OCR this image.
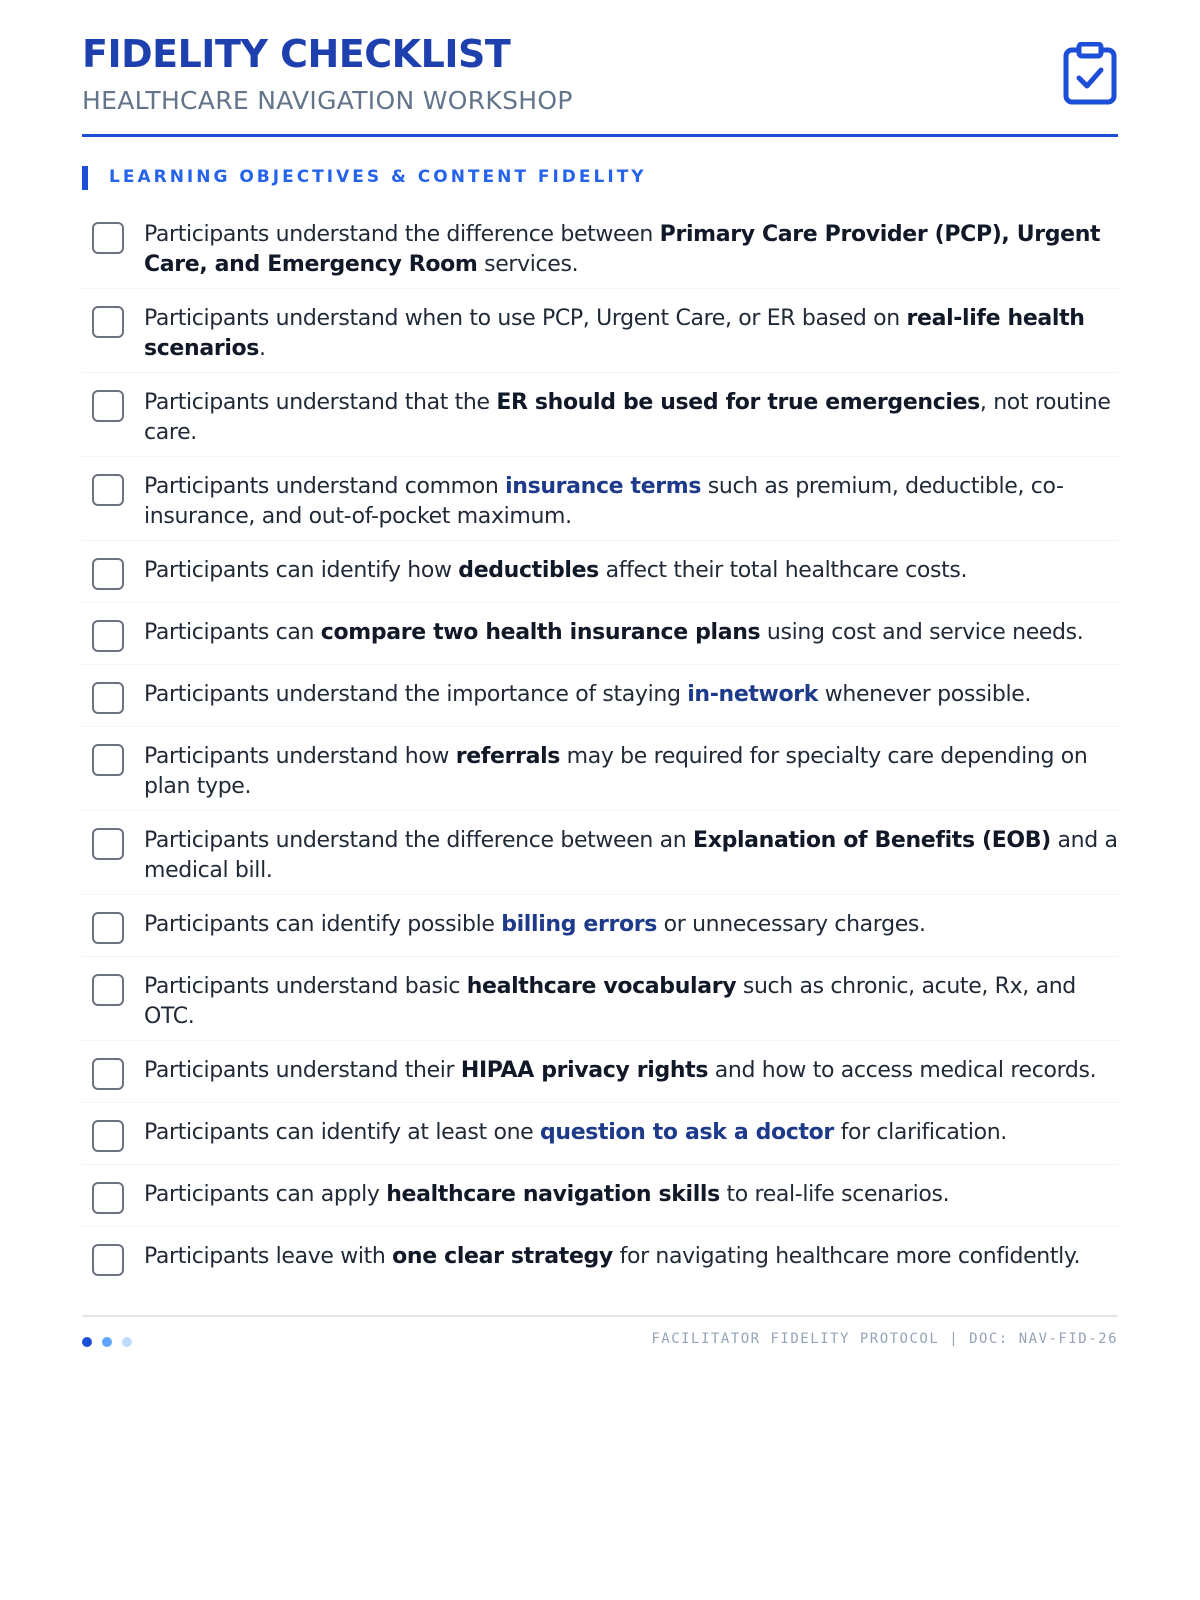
FIDELITY CHECKLIST
HEALTHCARE NAVIGATION WORKSHOP
LEARNING OBJECTIVES & CONTENT FIDELITY
Participants understand the difference between Primary Care Provider (PCP), Urgent Care, and Emergency Room services.
Participants understand when to use PCP, Urgent Care, or ER based on real-life health scenarios.
Participants understand that the ER should be used for true emergencies, not routine care.
Participants understand common insurance terms such as premium, deductible, co-insurance, and out-of-pocket maximum.
Participants can identify how deductibles affect their total healthcare costs.
Participants can compare two health insurance plans using cost and service needs.
Participants understand the importance of staying in-network whenever possible.
Participants understand how referrals may be required for specialty care depending on plan type.
Participants understand the difference between an Explanation of Benefits (EOB) and a medical bill.
Participants can identify possible billing errors or unnecessary charges.
Participants understand basic healthcare vocabulary such as chronic, acute, Rx, and OTC.
Participants understand their HIPAA privacy rights and how to access medical records.
Participants can identify at least one question to ask a doctor for clarification.
Participants can apply healthcare navigation skills to real-life scenarios.
Participants leave with one clear strategy for navigating healthcare more confidently.
FACILITATOR FIDELITY PROTOCOL | DOC: NAV-FID-26
